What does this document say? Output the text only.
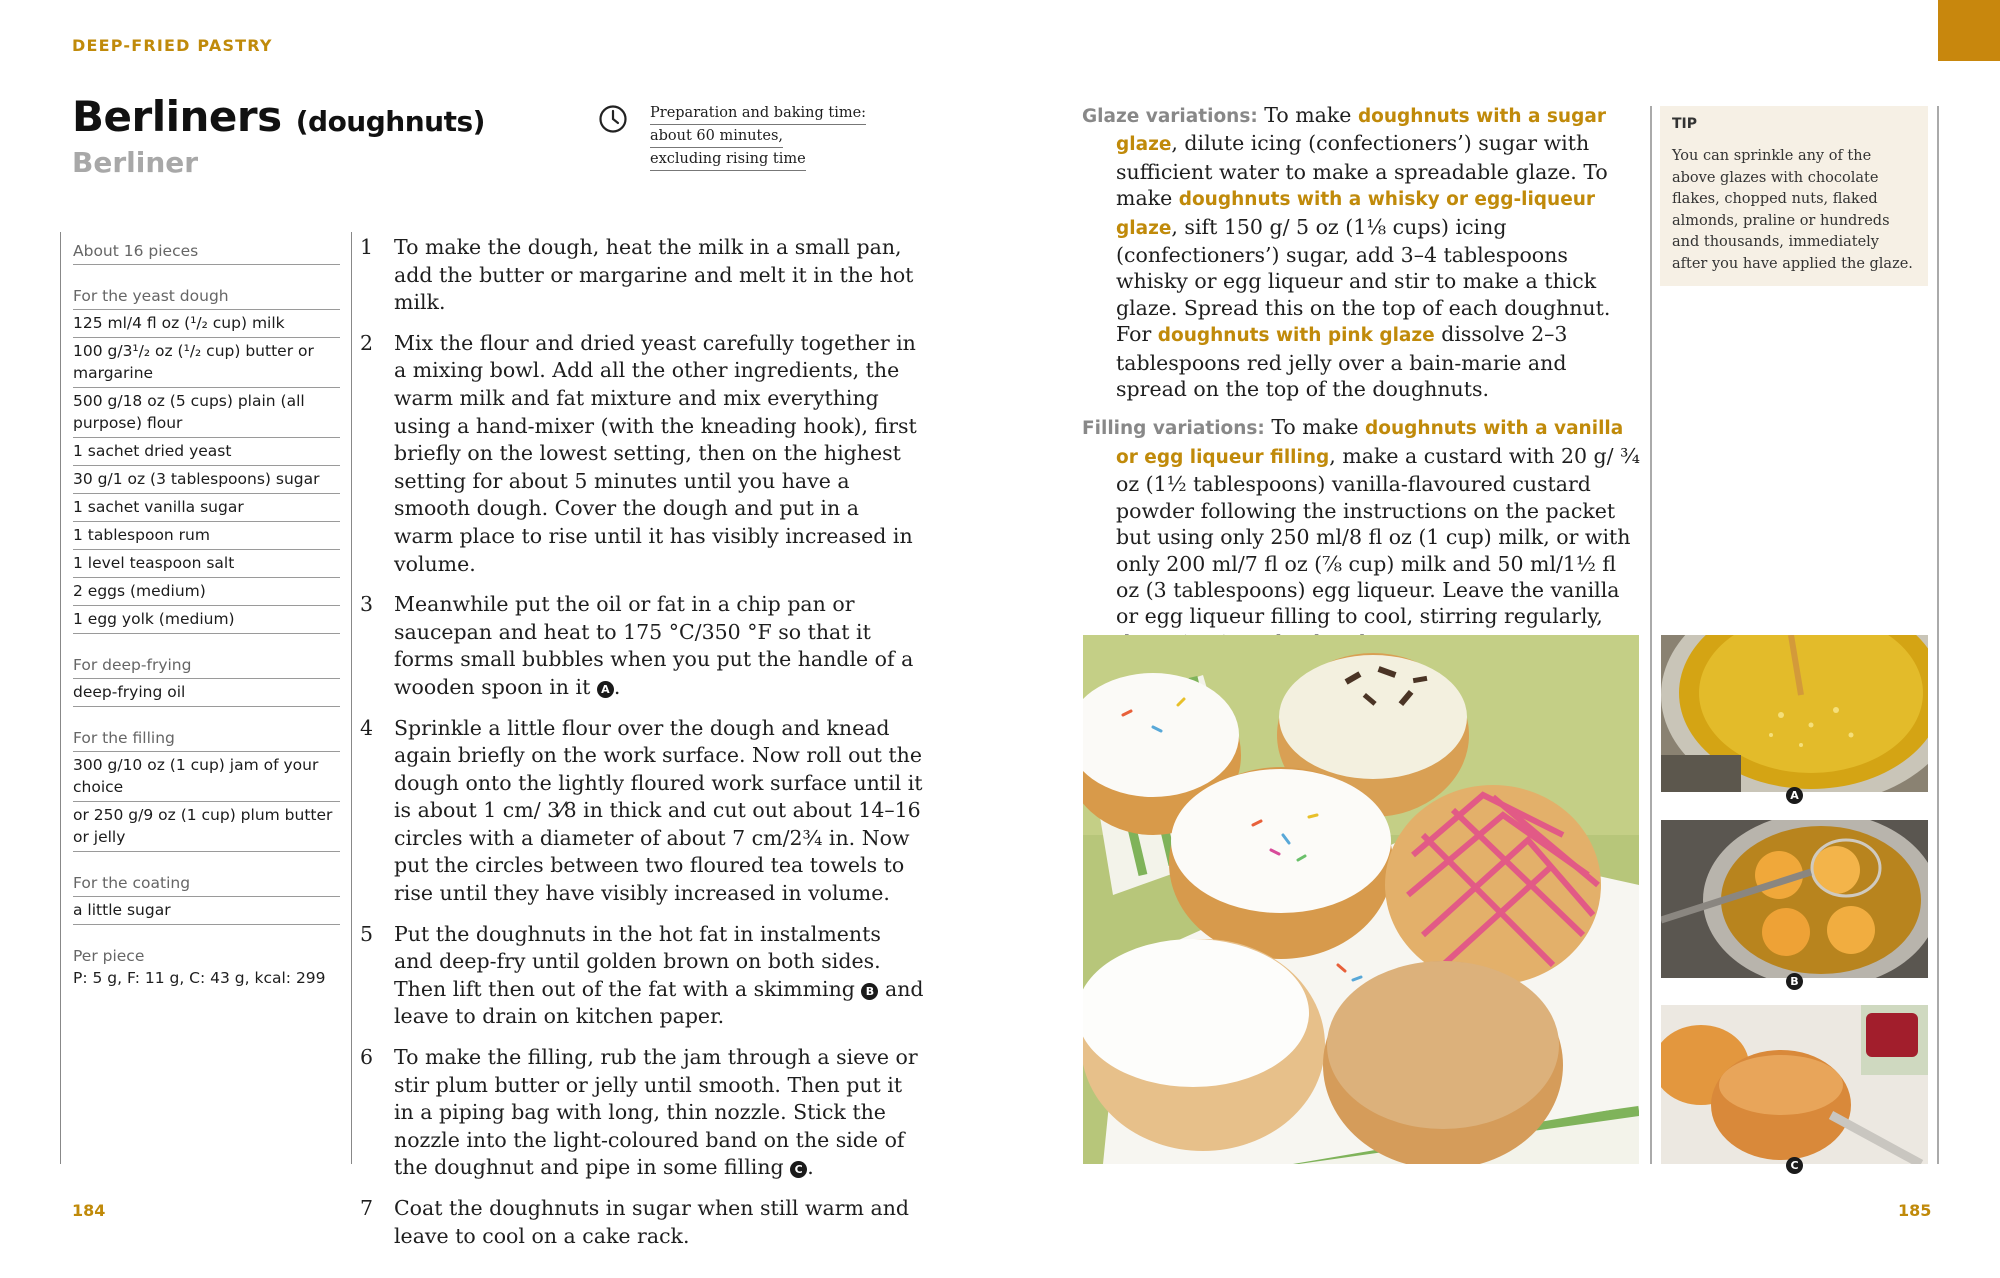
DEEP-FRIED PASTRY
Berliners (doughnuts)
Berliner
Preparation and baking time:
about 60 minutes,
excluding rising time
About 16 pieces
For the yeast dough
125 ml/4 fl oz (¹/₂ cup) milk
100 g/3¹/₂ oz (¹/₂ cup) butter or margarine
500 g/18 oz (5 cups) plain (all purpose) flour
1 sachet dried yeast
30 g/1 oz (3 tablespoons) sugar
1 sachet vanilla sugar
1 tablespoon rum
1 level teaspoon salt
2 eggs (medium)
1 egg yolk (medium)
For deep-frying
deep-frying oil
For the filling
300 g/10 oz (1 cup) jam of your choice
or 250 g/9 oz (1 cup) plum butter or jelly
For the coating
a little sugar
Per piece
P: 5 g, F: 11 g, C: 43 g, kcal: 299
1 To make the dough, heat the milk in a small pan, add the butter or margarine and melt it in the hot milk.
2 Mix the flour and dried yeast carefully together in a mixing bowl. Add all the other ingredients, the warm milk and fat mixture and mix everything using a hand-mixer (with the kneading hook), first briefly on the lowest setting, then on the highest setting for about 5 minutes until you have a smooth dough. Cover the dough and put in a warm place to rise until it has visibly increased in volume.
3 Meanwhile put the oil or fat in a chip pan or saucepan and heat to 175 °C/350 °F so that it forms small bubbles when you put the handle of a wooden spoon in it A .
4 Sprinkle a little flour over the dough and knead again briefly on the work surface. Now roll out the dough onto the lightly floured work surface until it is about 1 cm/ 3⁄8 in thick and cut out about 14–16 circles with a diameter of about 7 cm/2¾ in. Now put the circles between two floured tea towels to rise until they have visibly increased in volume.
5 Put the doughnuts in the hot fat in instalments and deep-fry until golden brown on both sides. Then lift then out of the fat with a skimming B and leave to drain on kitchen paper.
6 To make the filling, rub the jam through a sieve or stir plum butter or jelly until smooth. Then put it in a piping bag with long, thin nozzle. Stick the nozzle into the light-coloured band on the side of the doughnut and pipe in some filling C .
7 Coat the doughnuts in sugar when still warm and leave to cool on a cake rack.
184
Glaze variations: To make doughnuts with a sugar glaze, dilute icing (confectioners’) sugar with sufficient water to make a spreadable glaze. To make doughnuts with a whisky or egg-liqueur glaze, sift 150 g/ 5 oz (1⅛ cups) icing (confectioners’) sugar, add 3–4 tablespoons whisky or egg liqueur and stir to make a thick glaze. Spread this on the top of each doughnut. For doughnuts with pink glaze dissolve 2–3 tablespoons red jelly over a bain-marie and spread on the top of the doughnuts.
Filling variations: To make doughnuts with a vanilla or egg liqueur filling, make a custard with 20 g/ ¾ oz (1½ tablespoons) vanilla-flavoured custard powder following the instructions on the packet but using only 250 ml/8 fl oz (1 cup) milk, or with only 200 ml/7 fl oz (⅞ cup) milk and 50 ml/1½ fl oz (3 tablespoons) egg liqueur. Leave the vanilla or egg liqueur filling to cool, stirring regularly,
TIP
You can sprinkle any of the above glazes with chocolate flakes, chopped nuts, flaked almonds, praline or hundreds and thousands, immediately after you have applied the glaze.
A
B
C
185
